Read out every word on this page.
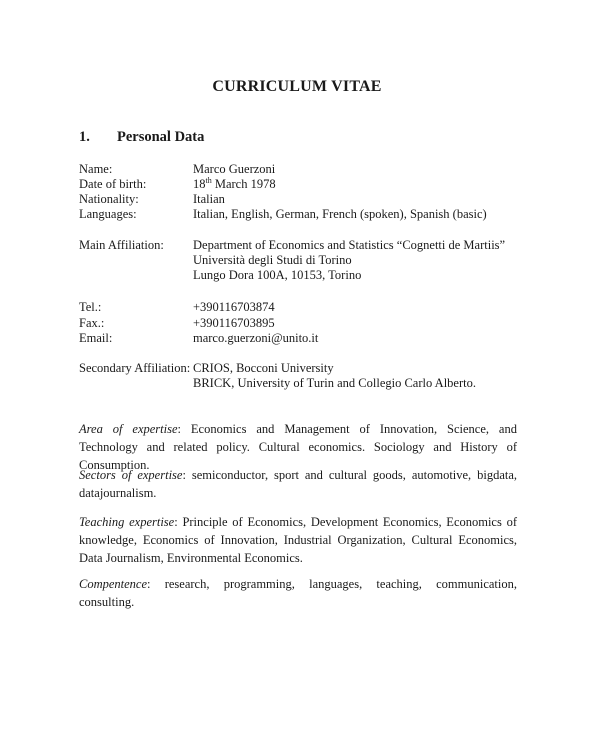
CURRICULUM VITAE
1. Personal Data
Name:	Marco Guerzoni
Date of birth:	18th March 1978
Nationality:	Italian
Languages:	Italian, English, German, French (spoken), Spanish (basic)
Main Affiliation: Department of Economics and Statistics “Cognetti de Martiis”
Università degli Studi di Torino
Lungo Dora 100A, 10153, Torino
Tel.:	+390116703874
Fax.:	+390116703895
Email:	marco.guerzoni@unito.it
Secondary Affiliation: CRIOS, Bocconi University
BRICK, University of Turin and Collegio Carlo Alberto.
Area of expertise: Economics and Management of Innovation, Science, and Technology and related policy. Cultural economics. Sociology and History of Consumption.
Sectors of expertise: semiconductor, sport and cultural goods, automotive, bigdata, datajournalism.
Teaching expertise: Principle of Economics, Development Economics, Economics of knowledge, Economics of Innovation, Industrial Organization, Cultural Economics, Data Journalism, Environmental Economics.
Compentence: research, programming, languages, teaching, communication, consulting.
